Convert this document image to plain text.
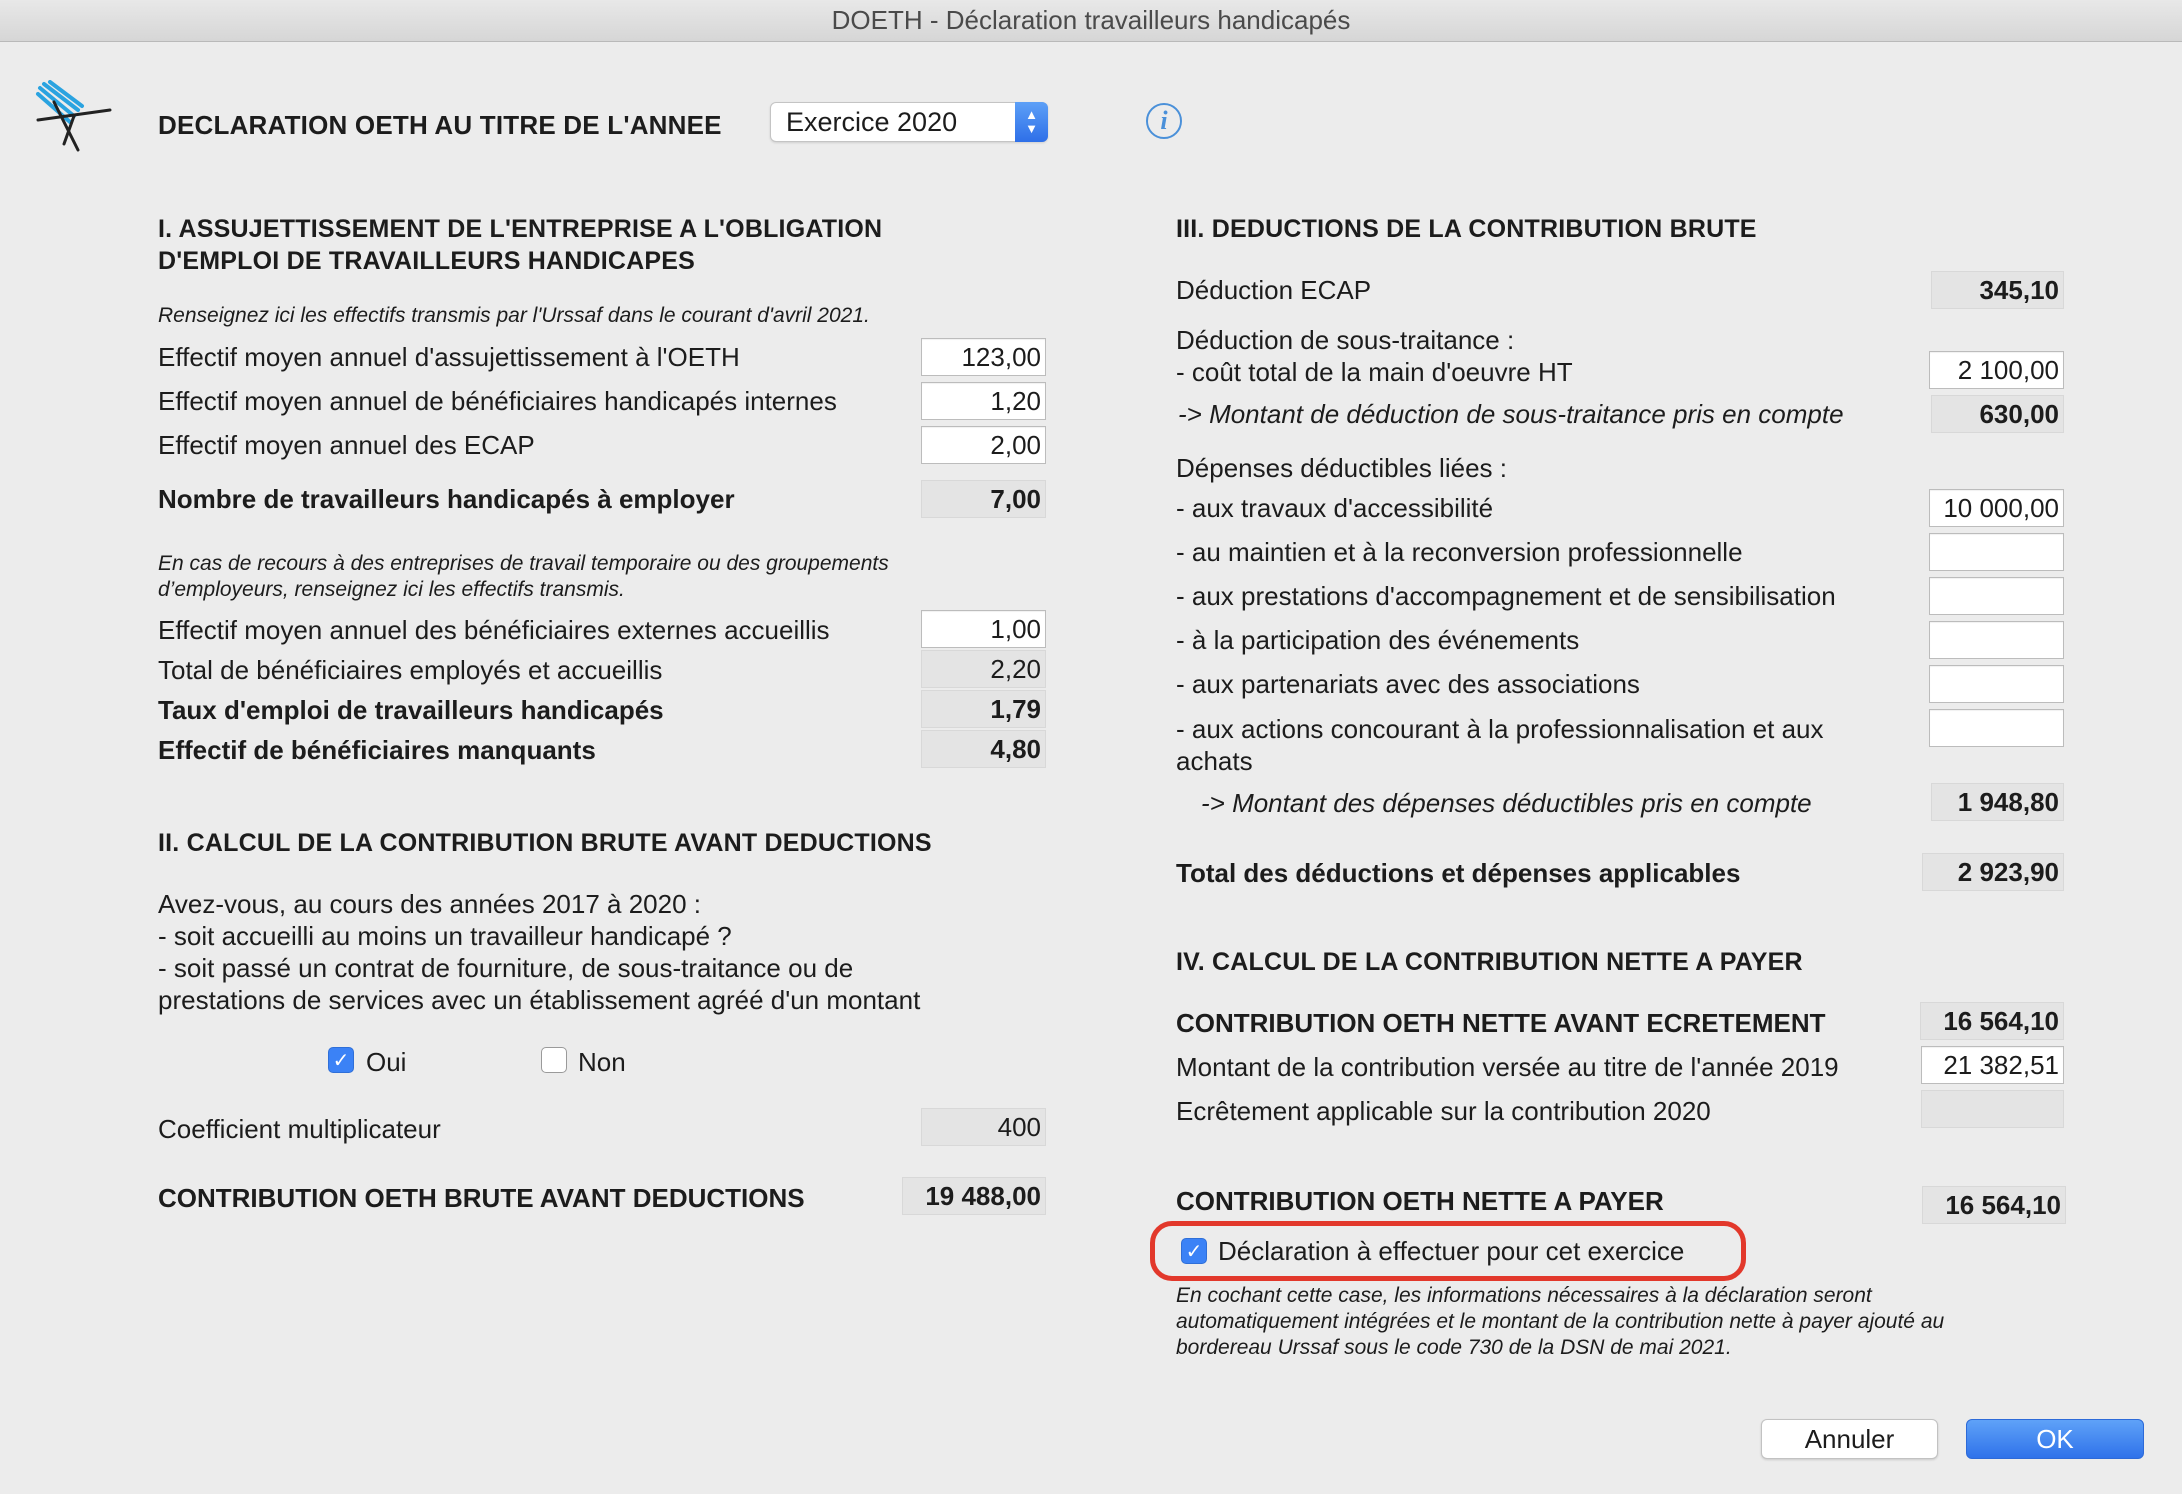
DOETH - Déclaration travailleurs handicapés
DECLARATION OETH AU TITRE DE L'ANNEE Exercice 2020	▲
▼	i
I. ASSUJETTISSEMENT DE L'ENTREPRISE A L'OBLIGATION
D'EMPLOI DE TRAVAILLEURS HANDICAPES
Renseignez ici les effectifs transmis par l'Urssaf dans le courant d'avril 2021.
Effectif moyen annuel d'assujettissement à l'OETH	123,00
Effectif moyen annuel de bénéficiaires handicapés internes	1,20
Effectif moyen annuel des ECAP	2,00
Nombre de travailleurs handicapés à employer	7,00
En cas de recours à des entreprises de travail temporaire ou des groupements
d’employeurs, renseignez ici les effectifs transmis.
Effectif moyen annuel des bénéficiaires externes accueillis	1,00
Total de bénéficiaires employés et accueillis	2,20
Taux d'emploi de travailleurs handicapés	1,79
Effectif de bénéficiaires manquants	4,80
II. CALCUL DE LA CONTRIBUTION BRUTE AVANT DEDUCTIONS
Avez-vous, au cours des années 2017 à 2020 :
- soit accueilli au moins un travailleur handicapé ?
- soit passé un contrat de fourniture, de sous-traitance ou de
prestations de services avec un établissement agréé d'un montant
✓ Oui	Non
Coefficient multiplicateur	400
CONTRIBUTION OETH BRUTE AVANT DEDUCTIONS	19 488,00
III. DEDUCTIONS DE LA CONTRIBUTION BRUTE
Déduction ECAP	345,10
Déduction de sous-traitance :
- coût total de la main d'oeuvre HT	2 100,00
-> Montant de déduction de sous-traitance pris en compte	630,00
Dépenses déductibles liées :
- aux travaux d'accessibilité	10 000,00
- au maintien et à la reconversion professionnelle
- aux prestations d'accompagnement et de sensibilisation
- à la participation des événements
- aux partenariats avec des associations
- aux actions concourant à la professionnalisation et aux
achats
-> Montant des dépenses déductibles pris en compte	1 948,80
Total des déductions et dépenses applicables	2 923,90
IV. CALCUL DE LA CONTRIBUTION NETTE A PAYER
CONTRIBUTION OETH NETTE AVANT ECRETEMENT	16 564,10
Montant de la contribution versée au titre de l'année 2019	21 382,51
Ecrêtement applicable sur la contribution 2020
CONTRIBUTION OETH NETTE A PAYER	16 564,10
✓ Déclaration à effectuer pour cet exercice
En cochant cette case, les informations nécessaires à la déclaration seront
automatiquement intégrées et le montant de la contribution nette à payer ajouté au
bordereau Urssaf sous le code 730 de la DSN de mai 2021.
Annuler	OK
